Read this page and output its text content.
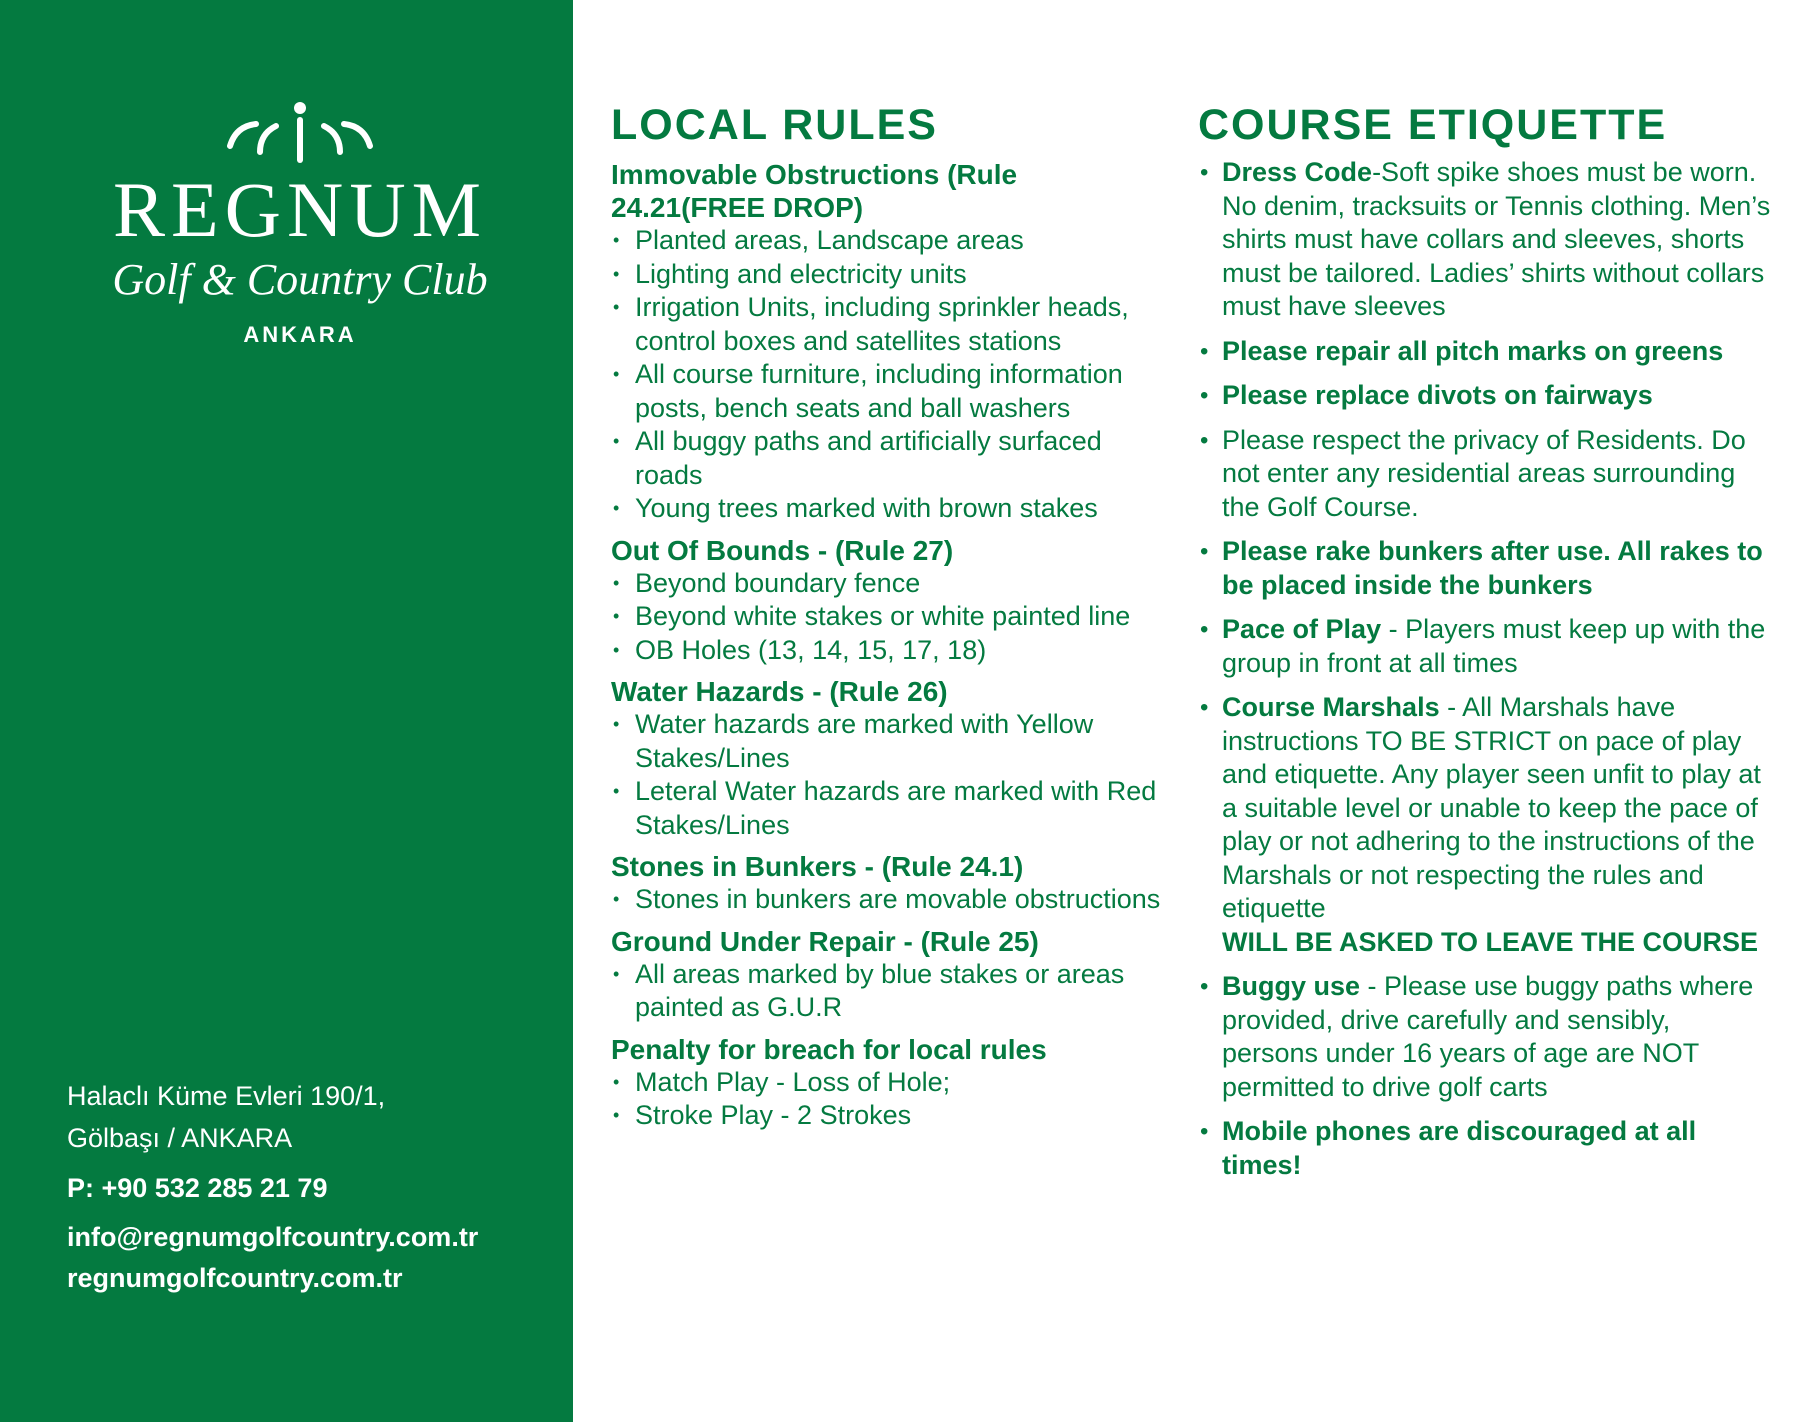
REGNUM
Golf & Country Club
ANKARA
Halaclı Küme Evleri 190/1,
Gölbaşı / ANKARA
P: +90 532 285 21 79
info@regnumgolfcountry.com.tr
regnumgolfcountry.com.tr
LOCAL RULES
Immovable Obstructions (Rule 24.21(FREE DROP)
• Planted areas, Landscape areas
• Lighting and electricity units
• Irrigation Units, including sprinkler heads, control boxes and satellites stations
• All course furniture, including information posts, bench seats and ball washers
• All buggy paths and artificially surfaced roads
• Young trees marked with brown stakes
Out Of Bounds - (Rule 27)
• Beyond boundary fence
• Beyond white stakes or white painted line
• OB Holes (13, 14, 15, 17, 18)
Water Hazards - (Rule 26)
• Water hazards are marked with Yellow Stakes/Lines
• Leteral Water hazards are marked with Red Stakes/Lines
Stones in Bunkers - (Rule 24.1)
• Stones in bunkers are movable obstructions
Ground Under Repair - (Rule 25)
• All areas marked by blue stakes or areas painted as G.U.R
Penalty for breach for local rules
• Match Play - Loss of Hole;
• Stroke Play - 2 Strokes
COURSE ETIQUETTE
• Dress Code-Soft spike shoes must be worn. No denim, tracksuits or Tennis clothing. Men’s shirts must have collars and sleeves, shorts must be tailored. Ladies’ shirts without collars must have sleeves
• Please repair all pitch marks on greens
• Please replace divots on fairways
• Please respect the privacy of Residents. Do not enter any residential areas surrounding the Golf Course.
• Please rake bunkers after use. All rakes to be placed inside the bunkers
• Pace of Play - Players must keep up with the group in front at all times
• Course Marshals - All Marshals have instructions TO BE STRICT on pace of play and etiquette. Any player seen unfit to play at a suitable level or unable to keep the pace of play or not adhering to the instructions of the Marshals or not respecting the rules and etiquette
WILL BE ASKED TO LEAVE THE COURSE
• Buggy use - Please use buggy paths where provided, drive carefully and sensibly, persons under 16 years of age are NOT permitted to drive golf carts
• Mobile phones are discouraged at all times!
